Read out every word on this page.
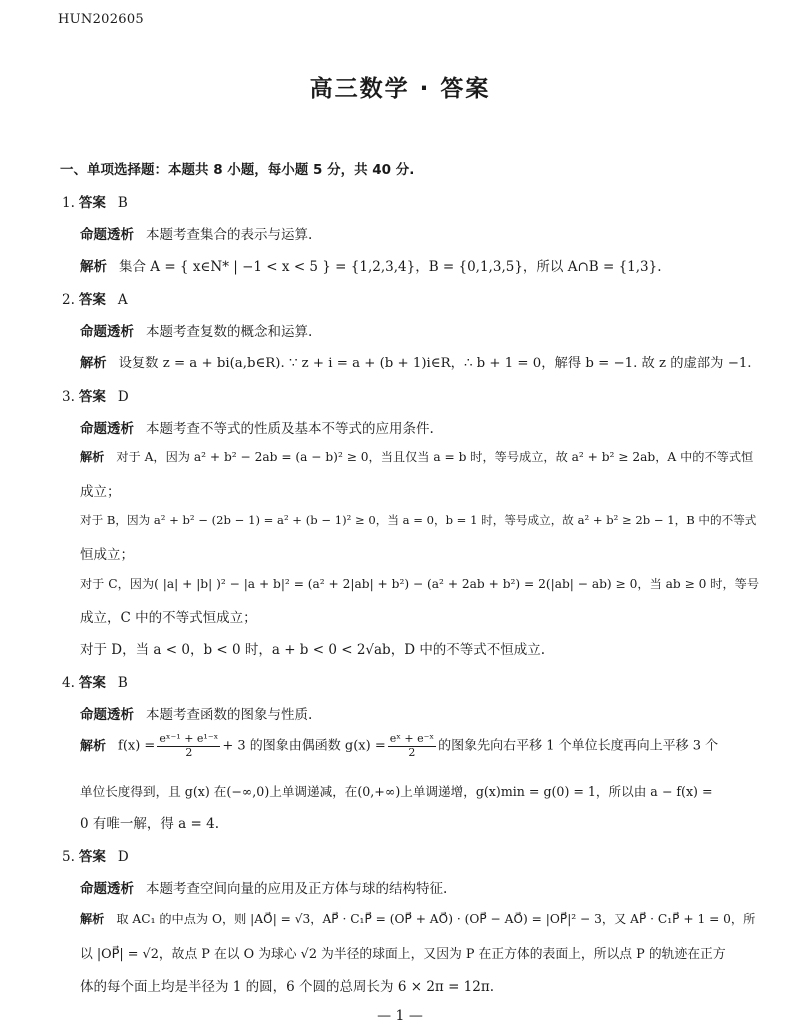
HUN202605
高三数学 · 答案
一、单项选择题：本题共 8 小题，每小题 5 分，共 40 分.
1. 答案 B
命题透析 本题考查集合的表示与运算.
解析 集合 A = { x∈N* | −1 < x < 5 } = {1,2,3,4}，B = {0,1,3,5}，所以 A∩B = {1,3}.
2. 答案 A
命题透析 本题考查复数的概念和运算.
解析 设复数 z = a + bi(a,b∈R). ∵ z + i = a + (b + 1)i∈R，∴ b + 1 = 0，解得 b = −1. 故 z 的虚部为 −1.
3. 答案 D
命题透析 本题考查不等式的性质及基本不等式的应用条件.
解析 对于 A，因为 a² + b² − 2ab = (a − b)² ≥ 0，当且仅当 a = b 时，等号成立，故 a² + b² ≥ 2ab，A 中的不等式恒
成立；
对于 B，因为 a² + b² − (2b − 1) = a² + (b − 1)² ≥ 0，当 a = 0，b = 1 时，等号成立，故 a² + b² ≥ 2b − 1，B 中的不等式
恒成立；
对于 C，因为( |a| + |b| )² − |a + b|² = (a² + 2|ab| + b²) − (a² + 2ab + b²) = 2(|ab| − ab) ≥ 0，当 ab ≥ 0 时，等号
成立，C 中的不等式恒成立；
对于 D，当 a < 0，b < 0 时，a + b < 0 < 2√ab，D 中的不等式不恒成立.
4. 答案 B
命题透析 本题考查函数的图象与性质.
解析 $f(x) = \frac{\text{eˣ⁻¹ + e¹⁻ˣ}}{2} + 3$ 的图象由偶函数 $g(x) = \frac{\text{eˣ + e⁻ˣ}}{2}$ 的图象先向右平移 1 个单位长度再向上平移 3 个
单位长度得到，且 g(x) 在(−∞,0)上单调递减，在(0,+∞)上单调递增，g(x)min = g(0) = 1，所以由 a − f(x) =
0 有唯一解，得 a = 4.
5. 答案 D
命题透析 本题考查空间向量的应用及正方体与球的结构特征.
解析 取 AC₁ 的中点为 O，则 |AO⃗| = √3，AP⃗ · C₁P⃗ = (OP⃗ + AO⃗) · (OP⃗ − AO⃗) = |OP⃗|² − 3，又 AP⃗ · C₁P⃗ + 1 = 0，所
以 |OP⃗| = √2，故点 P 在以 O 为球心 √2 为半径的球面上，又因为 P 在正方体的表面上，所以点 P 的轨迹在正方
体的每个面上均是半径为 1 的圆，6 个圆的总周长为 6 × 2π = 12π.
— 1 —
